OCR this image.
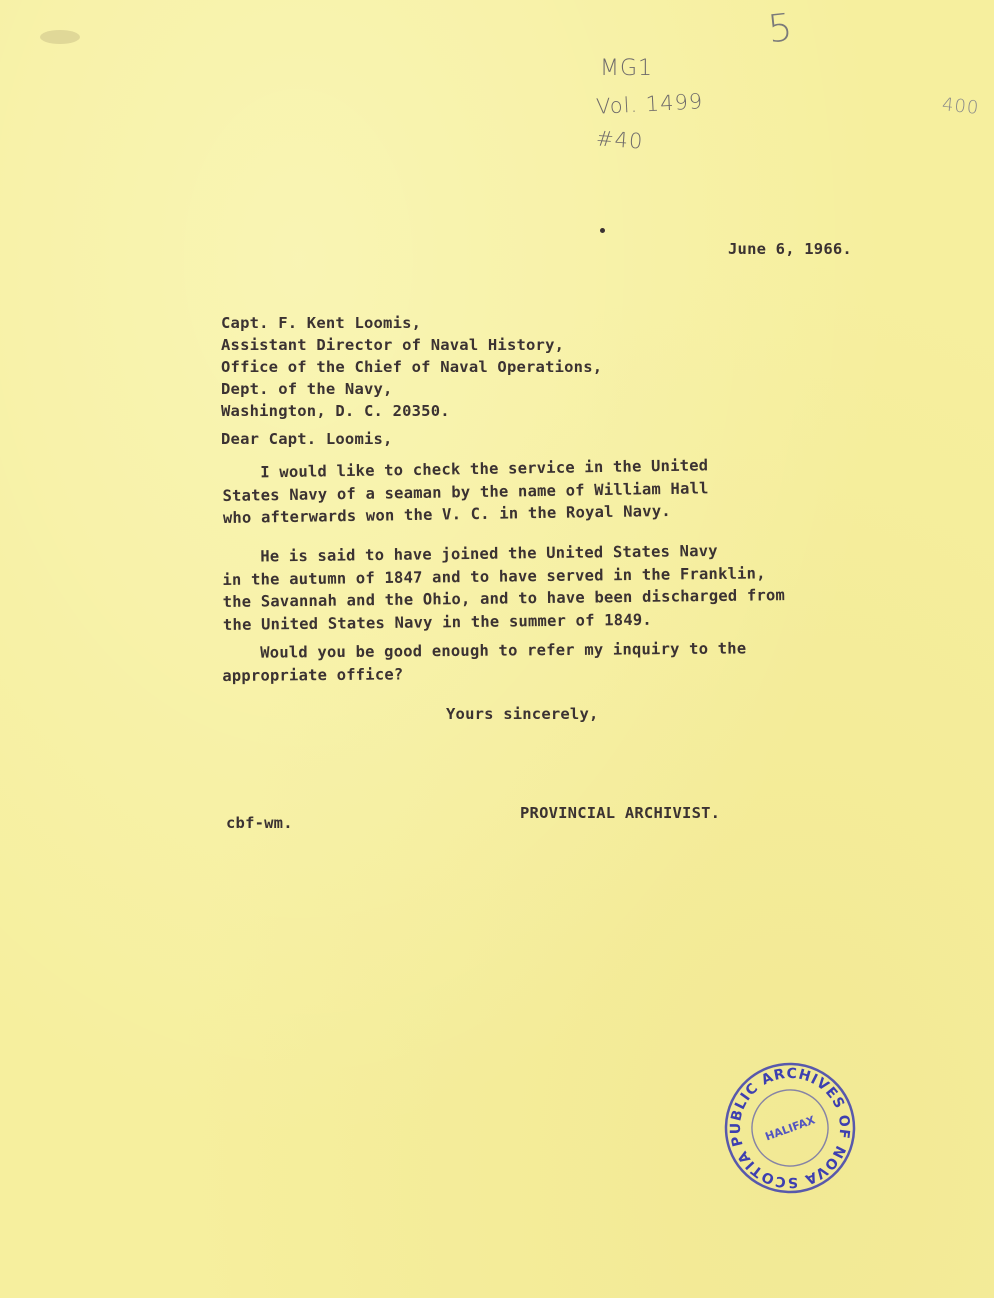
5
MG1
Vol. 1499
#40
400
June 6, 1966.
Capt. F. Kent Loomis,
Assistant Director of Naval History,
Office of the Chief of Naval Operations,
Dept. of the Navy,
Washington, D. C. 20350.
Dear Capt. Loomis,
I would like to check the service in the United
States Navy of a seaman by the name of William Hall
who afterwards won the V. C. in the Royal Navy.
He is said to have joined the United States Navy
in the autumn of 1847 and to have served in the Franklin,
the Savannah and the Ohio, and to have been discharged from
the United States Navy in the summer of 1849.
Would you be good enough to refer my inquiry to the
appropriate office?
Yours sincerely,
cbf-wm.
PROVINCIAL ARCHIVIST.
PUBLIC ARCHIVES OF NOVA SCOTIA
HALIFAX
